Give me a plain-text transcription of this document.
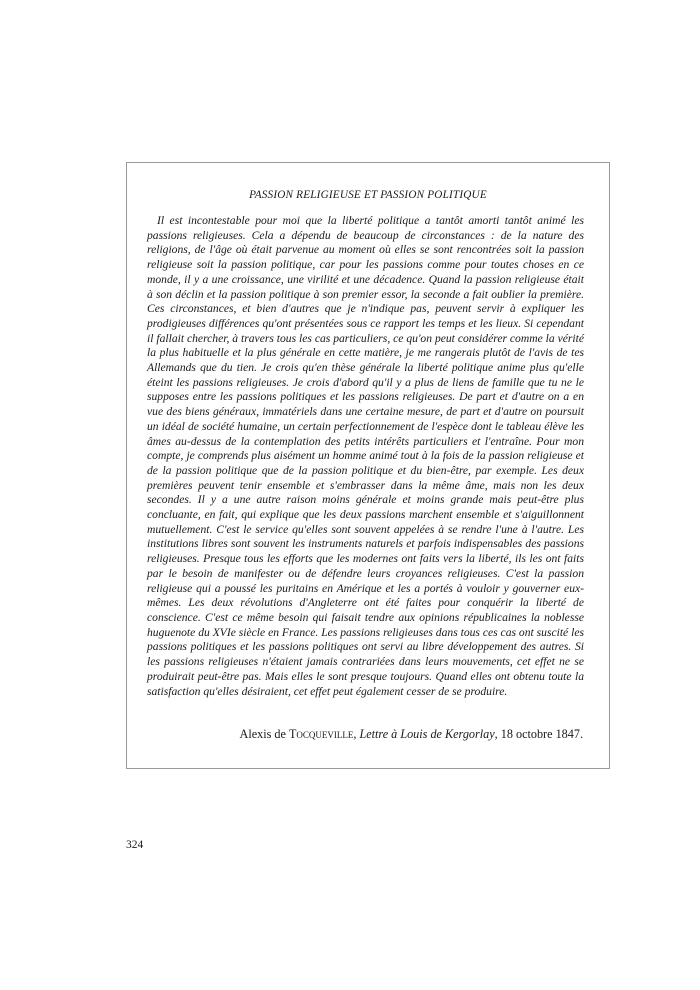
PASSION RELIGIEUSE ET PASSION POLITIQUE

Il est incontestable pour moi que la liberté politique a tantôt amorti tantôt animé les passions religieuses. Cela a dépendu de beaucoup de circonstances : de la nature des religions, de l'âge où était parvenue au moment où elles se sont rencontrées soit la passion religieuse soit la passion politique, car pour les passions comme pour toutes choses en ce monde, il y a une croissance, une virilité et une décadence. Quand la passion religieuse était à son déclin et la passion politique à son premier essor, la seconde a fait oublier la première. Ces circonstances, et bien d'autres que je n'indique pas, peuvent servir à expliquer les prodigieuses différences qu'ont présentées sous ce rapport les temps et les lieux. Si cependant il fallait chercher, à travers tous les cas particuliers, ce qu'on peut considérer comme la vérité la plus habituelle et la plus générale en cette matière, je me rangerais plutôt de l'avis de tes Allemands que du tien. Je crois qu'en thèse générale la liberté politique anime plus qu'elle éteint les passions religieuses. Je crois d'abord qu'il y a plus de liens de famille que tu ne le supposes entre les passions politiques et les passions religieuses. De part et d'autre on a en vue des biens généraux, immatériels dans une certaine mesure, de part et d'autre on poursuit un idéal de société humaine, un certain perfectionnement de l'espèce dont le tableau élève les âmes au-dessus de la contemplation des petits intérêts particuliers et l'entraîne. Pour mon compte, je comprends plus aisément un homme animé tout à la fois de la passion religieuse et de la passion politique que de la passion politique et du bien-être, par exemple. Les deux premières peuvent tenir ensemble et s'embrasser dans la même âme, mais non les deux secondes. Il y a une autre raison moins générale et moins grande mais peut-être plus concluante, en fait, qui explique que les deux passions marchent ensemble et s'aiguillonnent mutuellement. C'est le service qu'elles sont souvent appelées à se rendre l'une à l'autre. Les institutions libres sont souvent les instruments naturels et parfois indispensables des passions religieuses. Presque tous les efforts que les modernes ont faits vers la liberté, ils les ont faits par le besoin de manifester ou de défendre leurs croyances religieuses. C'est la passion religieuse qui a poussé les puritains en Amérique et les a portés à vouloir y gouverner eux-mêmes. Les deux révolutions d'Angleterre ont été faites pour conquérir la liberté de conscience. C'est ce même besoin qui faisait tendre aux opinions républicaines la noblesse huguenote du XVIe siècle en France. Les passions religieuses dans tous ces cas ont suscité les passions politiques et les passions politiques ont servi au libre développement des autres. Si les passions religieuses n'étaient jamais contrariées dans leurs mouvements, cet effet ne se produirait peut-être pas. Mais elles le sont presque toujours. Quand elles ont obtenu toute la satisfaction qu'elles désiraient, cet effet peut également cesser de se produire.

Alexis de Tocqueville, Lettre à Louis de Kergorlay, 18 octobre 1847.
324
